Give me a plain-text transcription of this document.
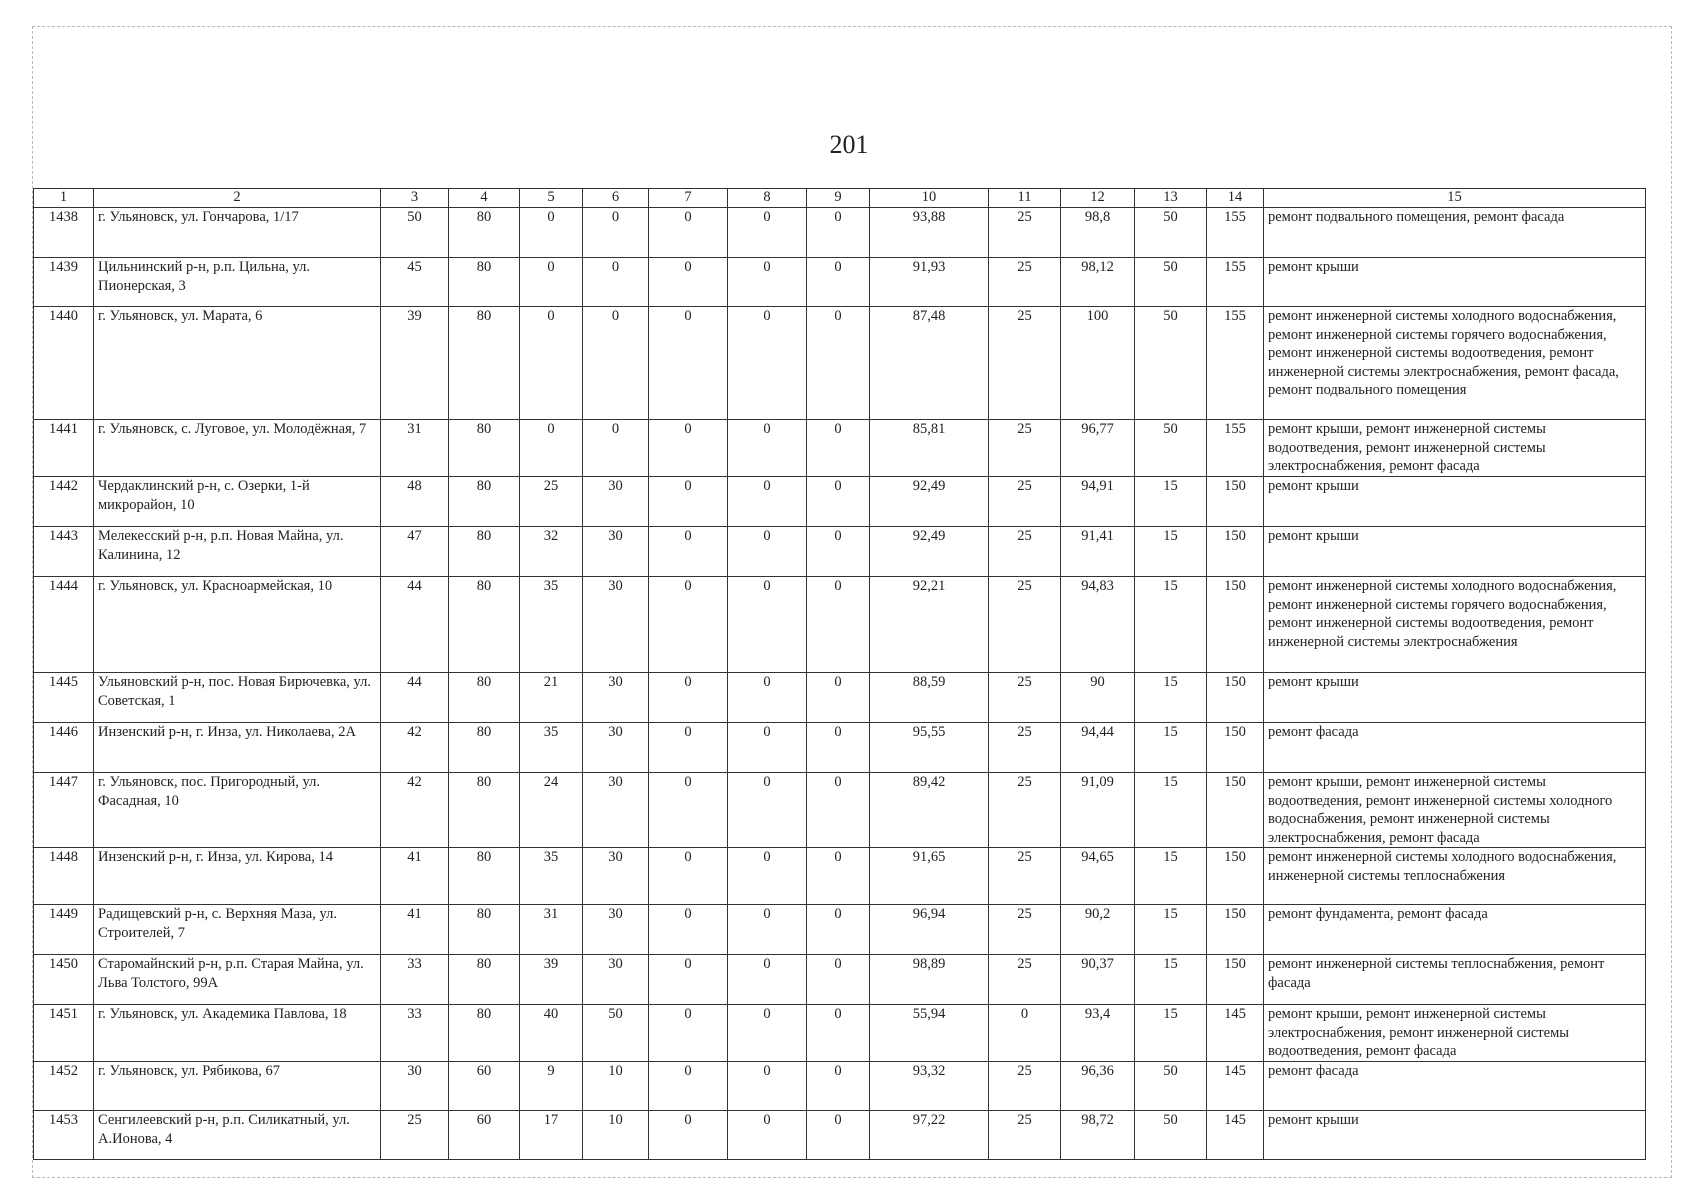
201
1	2	3	4	5	6	7	8	9	10	11	12	13	14	15
1438	г. Ульяновск, ул. Гончарова, 1/17	50	80	0	0	0	0	0	93,88	25	98,8	50	155	ремонт подвального помещения, ремонт фасада
1439	Цильнинский р-н, р.п. Цильна, ул. Пионерская, 3	45	80	0	0	0	0	0	91,93	25	98,12	50	155	ремонт крыши
1440	г. Ульяновск, ул. Марата, 6	39	80	0	0	0	0	0	87,48	25	100	50	155	ремонт инженерной системы холодного водоснабжения, ремонт инженерной системы горячего водоснабжения, ремонт инженерной системы водоотведения, ремонт инженерной системы электроснабжения, ремонт фасада, ремонт подвального помещения
1441	г. Ульяновск, с. Луговое, ул. Молодёжная, 7	31	80	0	0	0	0	0	85,81	25	96,77	50	155	ремонт крыши, ремонт инженерной системы водоотведения, ремонт инженерной системы электроснабжения, ремонт фасада
1442	Чердаклинский р-н, с. Озерки, 1-й микрорайон, 10	48	80	25	30	0	0	0	92,49	25	94,91	15	150	ремонт крыши
1443	Мелекесский р-н, р.п. Новая Майна, ул. Калинина, 12	47	80	32	30	0	0	0	92,49	25	91,41	15	150	ремонт крыши
1444	г. Ульяновск, ул. Красноармейская, 10	44	80	35	30	0	0	0	92,21	25	94,83	15	150	ремонт инженерной системы холодного водоснабжения, ремонт инженерной системы горячего водоснабжения, ремонт инженерной системы водоотведения, ремонт инженерной системы электроснабжения
1445	Ульяновский р-н, пос. Новая Бирючевка, ул. Советская, 1	44	80	21	30	0	0	0	88,59	25	90	15	150	ремонт крыши
1446	Инзенский р-н, г. Инза, ул. Николаева, 2А	42	80	35	30	0	0	0	95,55	25	94,44	15	150	ремонт фасада
1447	г. Ульяновск, пос. Пригородный, ул. Фасадная, 10	42	80	24	30	0	0	0	89,42	25	91,09	15	150	ремонт крыши, ремонт инженерной системы водоотведения, ремонт инженерной системы холодного водоснабжения, ремонт инженерной системы электроснабжения, ремонт фасада
1448	Инзенский р-н, г. Инза, ул. Кирова, 14	41	80	35	30	0	0	0	91,65	25	94,65	15	150	ремонт инженерной системы холодного водоснабжения, инженерной системы теплоснабжения
1449	Радищевский р-н, с. Верхняя Маза, ул. Строителей, 7	41	80	31	30	0	0	0	96,94	25	90,2	15	150	ремонт фундамента, ремонт фасада
1450	Старомайнский р-н, р.п. Старая Майна, ул. Льва Толстого, 99А	33	80	39	30	0	0	0	98,89	25	90,37	15	150	ремонт инженерной системы теплоснабжения, ремонт фасада
1451	г. Ульяновск, ул. Академика Павлова, 18	33	80	40	50	0	0	0	55,94	0	93,4	15	145	ремонт крыши, ремонт инженерной системы электроснабжения, ремонт инженерной системы водоотведения, ремонт фасада
1452	г. Ульяновск, ул. Рябикова, 67	30	60	9	10	0	0	0	93,32	25	96,36	50	145	ремонт фасада
1453	Сенгилеевский р-н, р.п. Силикатный, ул. А.Ионова, 4	25	60	17	10	0	0	0	97,22	25	98,72	50	145	ремонт крыши
